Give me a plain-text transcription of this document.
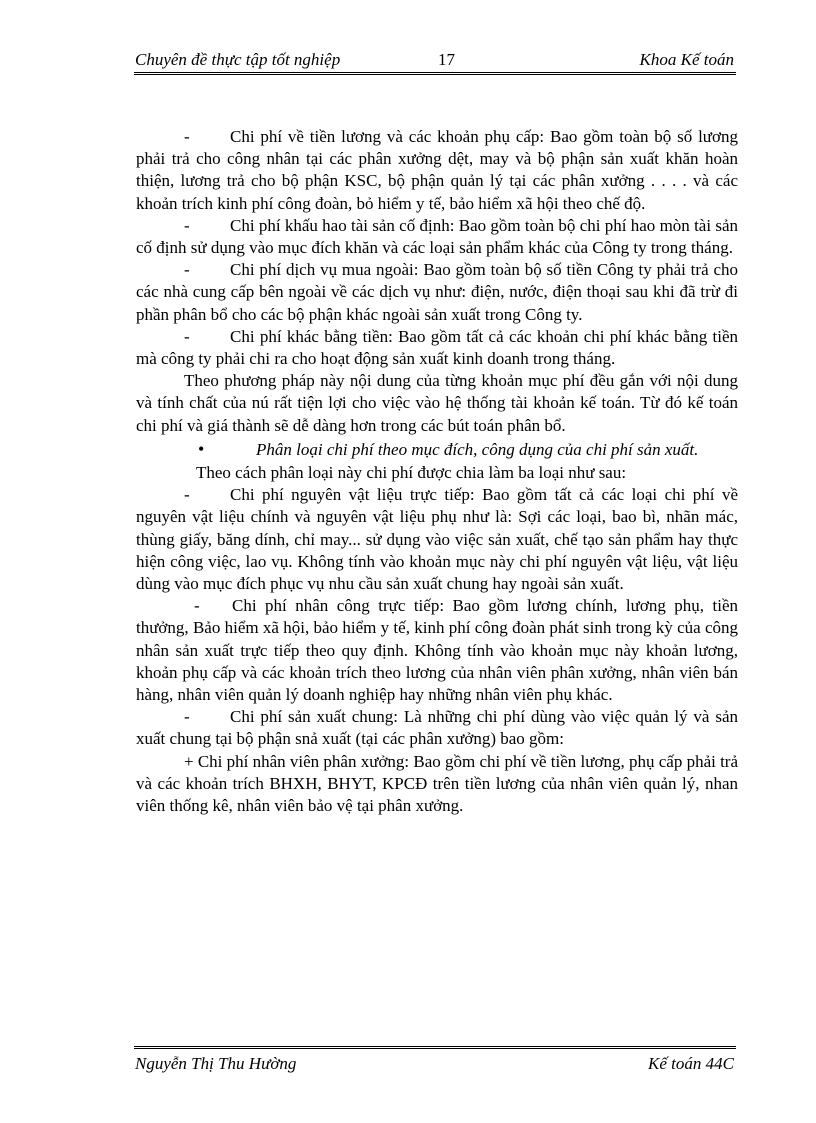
Chuyên đề thực tập tốt nghiệp	17	Khoa Kế toán

- Chi phí về tiền lương và các khoản phụ cấp: Bao gồm toàn bộ số lương phải trả cho công nhân tại các phân xưởng dệt, may và bộ phận sản xuất khăn hoàn thiện, lương trả cho bộ phận KSC, bộ phận quản lý tại các phân xưởng . . . . và các khoản trích kinh phí công đoàn, bỏ hiểm y tế, bảo hiểm xã hội theo chế độ.

- Chi phí khấu hao tài sản cố định: Bao gồm toàn bộ chi phí hao mòn tài sản cố định sử dụng vào mục đích khăn và các loại sản phẩm khác của Công ty trong tháng.

- Chi phí dịch vụ mua ngoài: Bao gồm toàn bộ số tiền Công ty phải trả cho các nhà cung cấp bên ngoài về các dịch vụ như: điện, nước, điện thoại sau khi đã trừ đi phần phân bổ cho các bộ phận khác ngoài sản xuất trong Công ty.

- Chi phí khác bằng tiền: Bao gồm tất cả các khoản chi phí khác bằng tiền mà công ty phải chi ra cho hoạt động sản xuất kinh doanh trong tháng.

Theo phương pháp này nội dung của từng khoản mục phí đều gắn với nội dung và tính chất của nú rất tiện lợi cho việc vào hệ thống tài khoản kế toán. Từ đó kế toán chi phí và giá thành sẽ dễ dàng hơn trong các bút toán phân bổ.

•	Phân loại chi phí theo mục đích, công dụng của chi phí sản xuất.

Theo cách phân loại này chi phí được chia làm ba loại như sau:

- Chi phí nguyên vật liệu trực tiếp: Bao gồm tất cả các loại chi phí về nguyên vật liệu chính và nguyên vật liệu phụ như là: Sợi các loại, bao bì, nhãn mác, thùng giấy, băng dính, chỉ may... sử dụng vào việc sản xuất, chế tạo sản phẩm hay thực hiện công việc, lao vụ. Không tính vào khoản mục này chi phí nguyên vật liệu, vật liệu dùng vào mục đích phục vụ nhu cầu sản xuất chung hay ngoài sản xuất.

- Chi phí nhân công trực tiếp: Bao gồm lương chính, lương phụ, tiền thưởng, Bảo hiểm xã hội, bảo hiểm y tế, kinh phí công đoàn phát sinh trong kỳ của công nhân sản xuất trực tiếp theo quy định. Không tính vào khoản mục này khoản lương, khoản phụ cấp và các khoản trích theo lương của nhân viên phân xưởng, nhân viên bán hàng, nhân viên quản lý doanh nghiệp hay những nhân viên phụ khác.

- Chi phí sản xuất chung: Là những chi phí dùng vào việc quản lý và sản xuất chung tại bộ phận snả xuất (tại các phân xưởng) bao gồm:

+ Chi phí nhân viên phân xưởng: Bao gồm chi phí về tiền lương, phụ cấp phải trả và các khoản trích BHXH, BHYT, KPCĐ trên tiền lương của nhân viên quản lý, nhan viên thống kê, nhân viên bảo vệ tại phân xưởng.

Nguyễn Thị Thu Hường	Kế toán 44C
